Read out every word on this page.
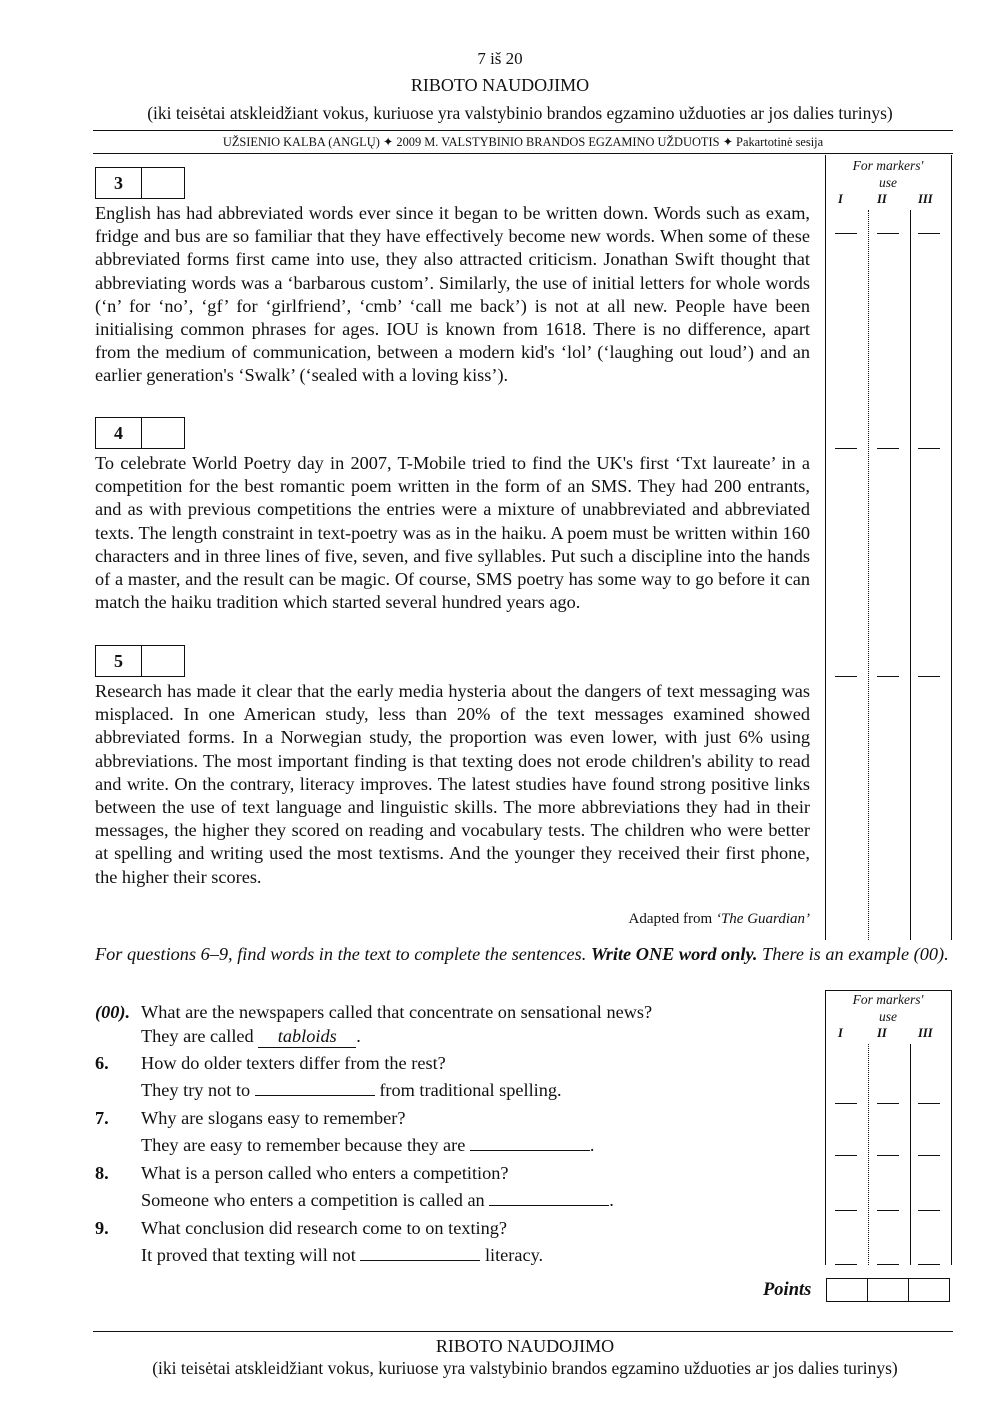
7 iš 20
RIBOTO NAUDOJIMO
(iki teisėtai atskleidžiant vokus, kuriuose yra valstybinio brandos egzamino užduoties ar jos dalies turinys)
UŽSIENIO KALBA (ANGLŲ) ✦ 2009 M. VALSTYBINIO BRANDOS EGZAMINO UŽDUOTIS ✦ Pakartotinė sesija
For markers'
use
I	II	III
3
English has had abbreviated words ever since it began to be written down. Words such as exam, fridge and bus are so familiar that they have effectively become new words. When some of these abbreviated forms first came into use, they also attracted criticism. Jonathan Swift thought that abbreviating words was a ‘barbarous custom’. Similarly, the use of initial letters for whole words (‘n’ for ‘no’, ‘gf’ for ‘girlfriend’, ‘cmb’ ‘call me back’) is not at all new. People have been initialising common phrases for ages. IOU is known from 1618. There is no difference, apart from the medium of communication, between a modern kid's ‘lol’ (‘laughing out loud’) and an earlier generation's ‘Swalk’ (‘sealed with a loving kiss’).
4
To celebrate World Poetry day in 2007, T-Mobile tried to find the UK's first ‘Txt laureate’ in a competition for the best romantic poem written in the form of an SMS. They had 200 entrants, and as with previous competitions the entries were a mixture of unabbreviated and abbreviated texts. The length constraint in text-poetry was as in the haiku. A poem must be written within 160 characters and in three lines of five, seven, and five syllables. Put such a discipline into the hands of a master, and the result can be magic. Of course, SMS poetry has some way to go before it can match the haiku tradition which started several hundred years ago.
5
Research has made it clear that the early media hysteria about the dangers of text messaging was misplaced. In one American study, less than 20% of the text messages examined showed abbreviated forms. In a Norwegian study, the proportion was even lower, with just 6% using abbreviations. The most important finding is that texting does not erode children's ability to read and write. On the contrary, literacy improves. The latest studies have found strong positive links between the use of text language and linguistic skills. The more abbreviations they had in their messages, the higher they scored on reading and vocabulary tests. The children who were better at spelling and writing used the most textisms. And the younger they received their first phone, the higher their scores.
Adapted from ‘The Guardian’
For questions 6–9, find words in the text to complete the sentences. Write ONE word only. There is an example (00).
For markers'
use
I	II	III
(00). What are the newspapers called that concentrate on sensational news?
They are called tabloids .
6. How do older texters differ from the rest?
They try not to	from traditional spelling.
7. Why are slogans easy to remember?
They are easy to remember because they are	.
8. What is a person called who enters a competition?
Someone who enters a competition is called an	.
9. What conclusion did research come to on texting?
It proved that texting will not	literacy.
Points
RIBOTO NAUDOJIMO
(iki teisėtai atskleidžiant vokus, kuriuose yra valstybinio brandos egzamino užduoties ar jos dalies turinys)
